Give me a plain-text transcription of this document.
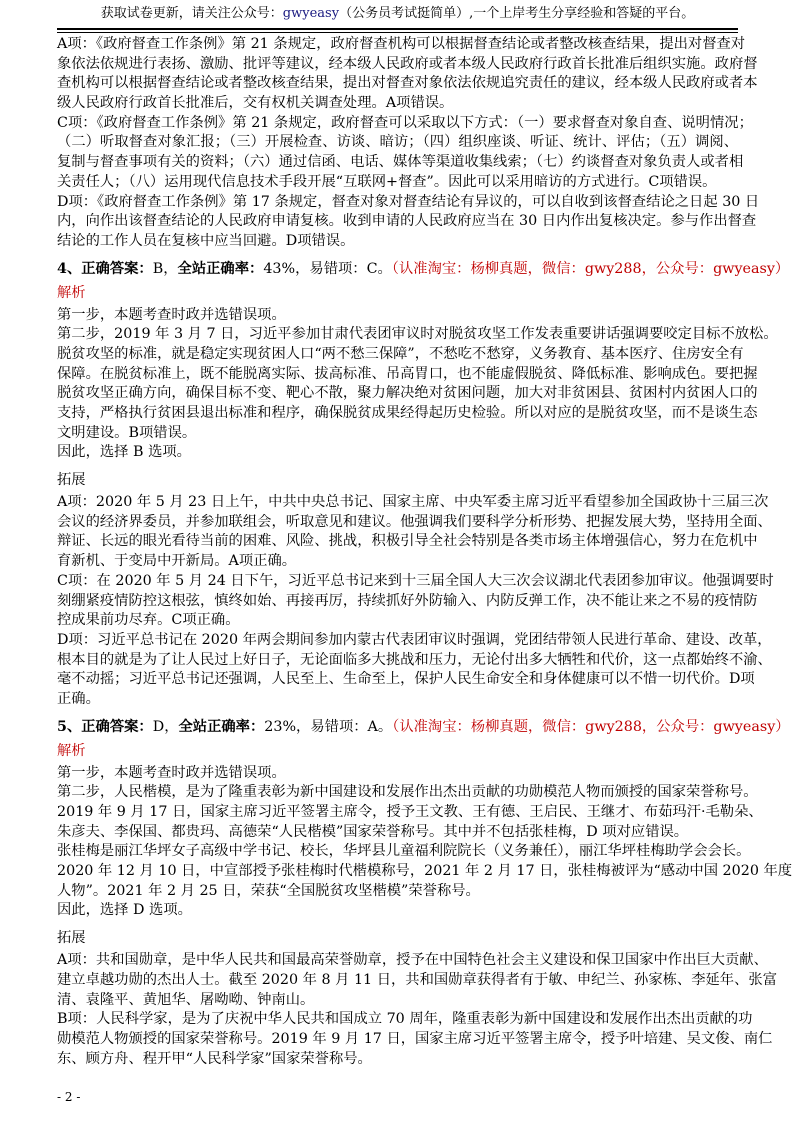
获取试卷更新，请关注公众号：gwyeasy（公务员考试挺简单）,一个上岸考生分享经验和答疑的平台。
A项：《政府督查工作条例》第 21 条规定，政府督查机构可以根据督查结论或者整改核查结果，提出对督查对
象依法依规进行表扬、激励、批评等建议，经本级人民政府或者本级人民政府行政首长批准后组织实施。政府督
查机构可以根据督查结论或者整改核查结果，提出对督查对象依法依规追究责任的建议，经本级人民政府或者本
级人民政府行政首长批准后，交有权机关调查处理。A项错误。
C项：《政府督查工作条例》第 21 条规定，政府督查可以采取以下方式：（一）要求督查对象自查、说明情况；
（二）听取督查对象汇报；（三）开展检查、访谈、暗访；（四）组织座谈、听证、统计、评估；（五）调阅、
复制与督查事项有关的资料；（六）通过信函、电话、媒体等渠道收集线索；（七）约谈督查对象负责人或者相
关责任人；（八）运用现代信息技术手段开展“互联网+督查”。因此可以采用暗访的方式进行。C项错误。
D项：《政府督查工作条例》第 17 条规定，督查对象对督查结论有异议的，可以自收到该督查结论之日起 30 日
内，向作出该督查结论的人民政府申请复核。收到申请的人民政府应当在 30 日内作出复核决定。参与作出督查
结论的工作人员在复核中应当回避。D项错误。
4、正确答案：B，全站正确率：43%，易错项：C。（认准淘宝：杨柳真题，微信：gwy288，公众号：gwyeasy）
解析
第一步，本题考查时政并选错误项。
第二步，2019 年 3 月 7 日，习近平参加甘肃代表团审议时对脱贫攻坚工作发表重要讲话强调要咬定目标不放松。
脱贫攻坚的标准，就是稳定实现贫困人口“两不愁三保障”，不愁吃不愁穿，义务教育、基本医疗、住房安全有
保障。在脱贫标准上，既不能脱离实际、拔高标准、吊高胃口，也不能虚假脱贫、降低标准、影响成色。要把握
脱贫攻坚正确方向，确保目标不变、靶心不散，聚力解决绝对贫困问题，加大对非贫困县、贫困村内贫困人口的
支持，严格执行贫困县退出标准和程序，确保脱贫成果经得起历史检验。所以对应的是脱贫攻坚，而不是谈生态
文明建设。B项错误。
因此，选择 B 选项。
拓展
A项：2020 年 5 月 23 日上午，中共中央总书记、国家主席、中央军委主席习近平看望参加全国政协十三届三次
会议的经济界委员，并参加联组会，听取意见和建议。他强调我们要科学分析形势、把握发展大势，坚持用全面、
辩证、长远的眼光看待当前的困难、风险、挑战，积极引导全社会特别是各类市场主体增强信心，努力在危机中
育新机、于变局中开新局。A项正确。
C项：在 2020 年 5 月 24 日下午，习近平总书记来到十三届全国人大三次会议湖北代表团参加审议。他强调要时
刻绷紧疫情防控这根弦，慎终如始、再接再厉，持续抓好外防输入、内防反弹工作，决不能让来之不易的疫情防
控成果前功尽弃。C项正确。
D项：习近平总书记在 2020 年两会期间参加内蒙古代表团审议时强调，党团结带领人民进行革命、建设、改革，
根本目的就是为了让人民过上好日子，无论面临多大挑战和压力，无论付出多大牺牲和代价，这一点都始终不渝、
毫不动摇；习近平总书记还强调，人民至上、生命至上，保护人民生命安全和身体健康可以不惜一切代价。D项
正确。
5、正确答案：D，全站正确率：23%，易错项：A。（认准淘宝：杨柳真题，微信：gwy288，公众号：gwyeasy）
解析
第一步，本题考查时政并选错误项。
第二步，人民楷模，是为了隆重表彰为新中国建设和发展作出杰出贡献的功勋模范人物而颁授的国家荣誉称号。
2019 年 9 月 17 日，国家主席习近平签署主席令，授予王文教、王有德、王启民、王继才、布茹玛汗·毛勒朵、
朱彦夫、李保国、都贵玛、高德荣“人民楷模”国家荣誉称号。其中并不包括张桂梅，D 项对应错误。
张桂梅是丽江华坪女子高级中学书记、校长，华坪县儿童福利院院长（义务兼任），丽江华坪桂梅助学会会长。
2020 年 12 月 10 日，中宣部授予张桂梅时代楷模称号，2021 年 2 月 17 日，张桂梅被评为“感动中国 2020 年度
人物”。2021 年 2 月 25 日，荣获“全国脱贫攻坚楷模”荣誉称号。
因此，选择 D 选项。
拓展
A项：共和国勋章，是中华人民共和国最高荣誉勋章，授予在中国特色社会主义建设和保卫国家中作出巨大贡献、
建立卓越功勋的杰出人士。截至 2020 年 8 月 11 日，共和国勋章获得者有于敏、申纪兰、孙家栋、李延年、张富
清、袁隆平、黄旭华、屠呦呦、钟南山。
B项：人民科学家，是为了庆祝中华人民共和国成立 70 周年，隆重表彰为新中国建设和发展作出杰出贡献的功
勋模范人物颁授的国家荣誉称号。2019 年 9 月 17 日，国家主席习近平签署主席令，授予叶培建、吴文俊、南仁
东、顾方舟、程开甲“人民科学家”国家荣誉称号。
- 2 -
